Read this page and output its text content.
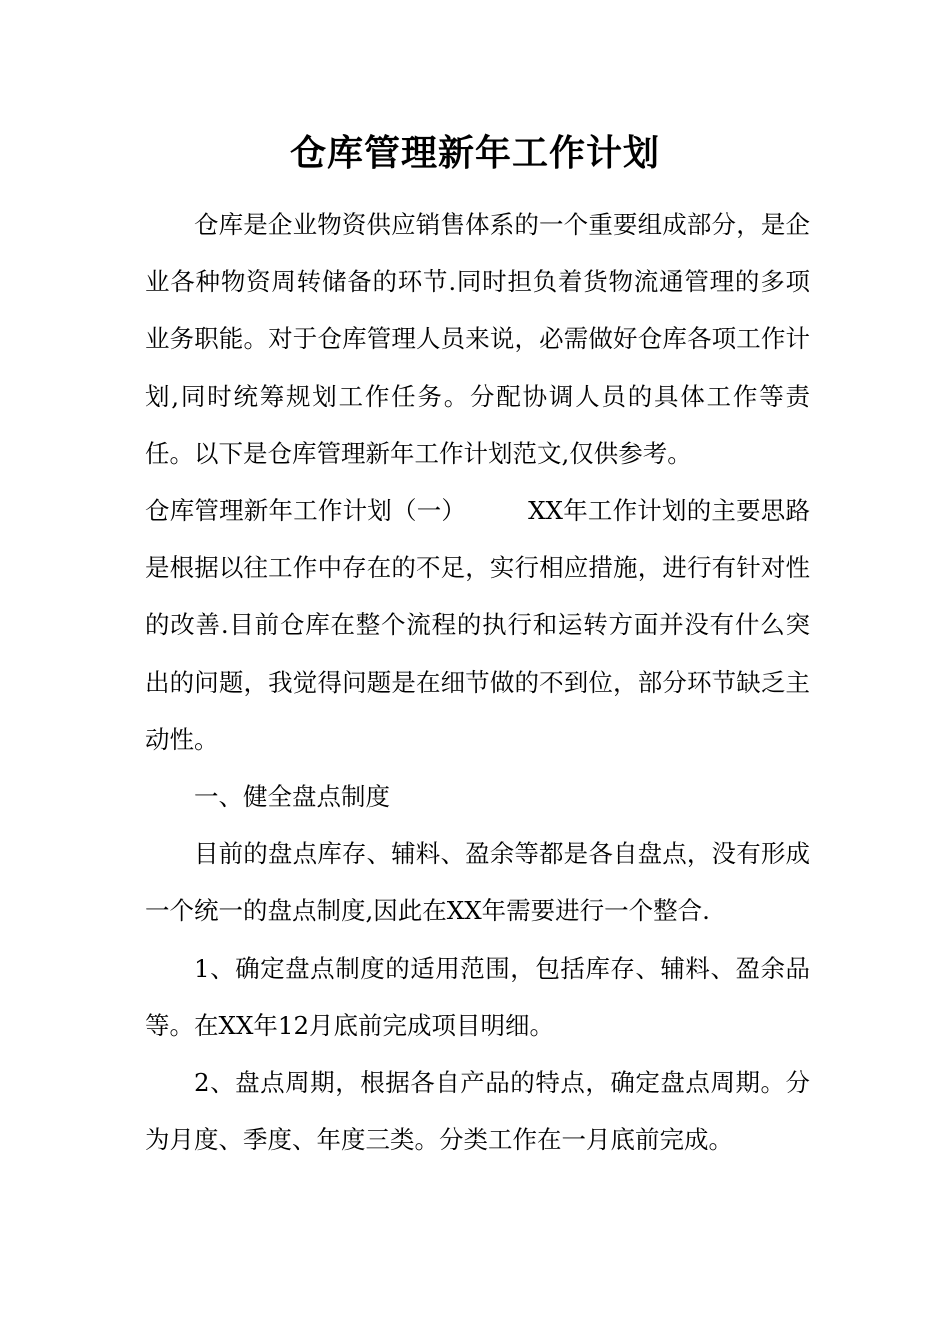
仓库管理新年工作计划

仓库是企业物资供应销售体系的一个重要组成部分，是企业各种物资周转储备的环节.同时担负着货物流通管理的多项业务职能。对于仓库管理人员来说，必需做好仓库各项工作计划,同时统筹规划工作任务。分配协调人员的具体工作等责任。以下是仓库管理新年工作计划范文,仅供参考。

仓库管理新年工作计划（一）	XX年工作计划的主要思路是根据以往工作中存在的不足，实行相应措施，进行有针对性的改善.目前仓库在整个流程的执行和运转方面并没有什么突出的问题，我觉得问题是在细节做的不到位，部分环节缺乏主动性。

一、健全盘点制度

目前的盘点库存、辅料、盈余等都是各自盘点，没有形成一个统一的盘点制度,因此在XX年需要进行一个整合.

1、确定盘点制度的适用范围，包括库存、辅料、盈余品等。在XX年12月底前完成项目明细。

2、盘点周期，根据各自产品的特点，确定盘点周期。分为月度、季度、年度三类。分类工作在一月底前完成。
